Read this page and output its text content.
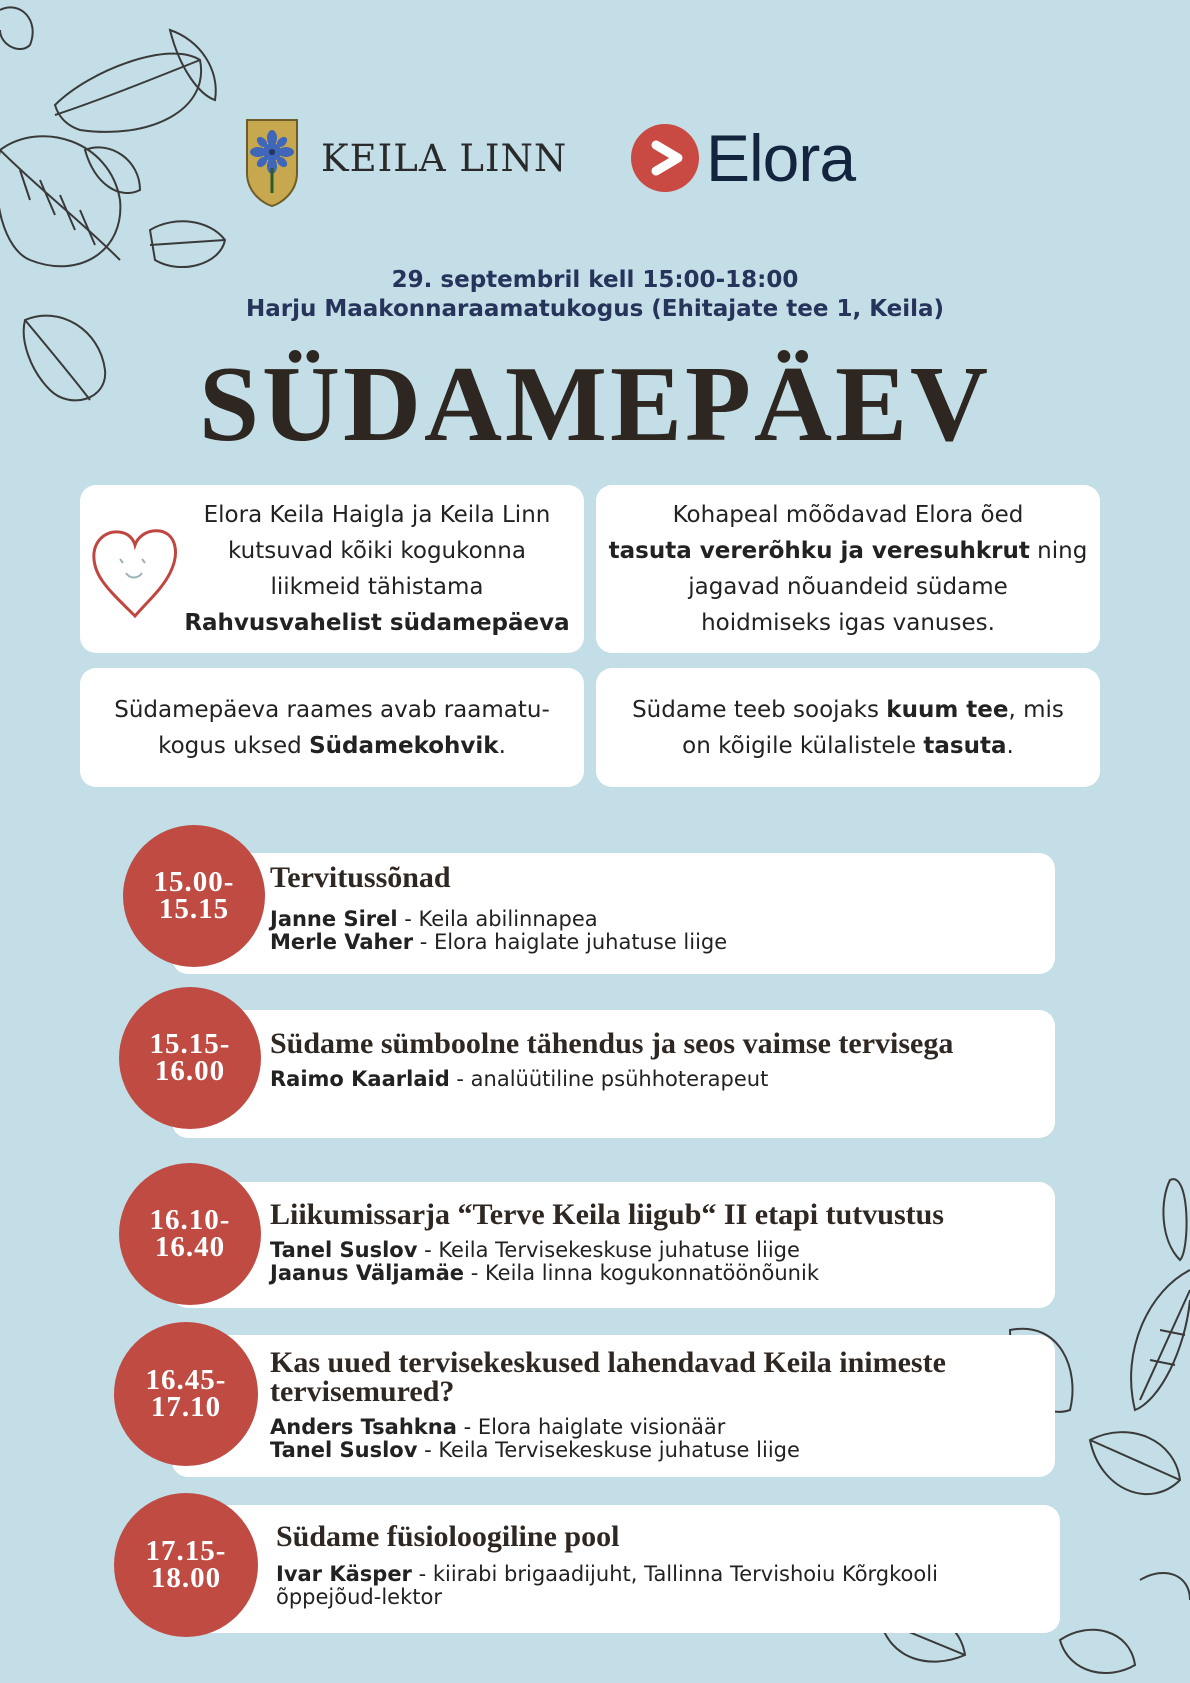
KEILA LINN Elora
29. septembril kell 15:00-18:00
Harju Maakonnaraamatukogus (Ehitajate tee 1, Keila)
SÜDAMEPÄEV
Elora Keila Haigla ja Keila Linn
kutsuvad kõiki kogukonna
liikmeid tähistama
Rahvusvahelist südamepäeva
Kohapeal mõõdavad Elora õed
tasuta vererõhku ja veresuhkrut ning
jagavad nõuandeid südame
hoidmiseks igas vanuses.
Südamepäeva raames avab raamatu-
kogus uksed Südamekohvik.
Südame teeb soojaks kuum tee, mis
on kõigile külalistele tasuta.
Tervitussõnad
Janne Sirel - Keila abilinnapea
Merle Vaher - Elora haiglate juhatuse liige
15.00-
15.15
Südame sümboolne tähendus ja seos vaimse tervisega
Raimo Kaarlaid - analüütiline psühhoterapeut
15.15-
16.00
Liikumissarja “Terve Keila liigub“ II etapi tutvustus
Tanel Suslov - Keila Tervisekeskuse juhatuse liige
Jaanus Väljamäe - Keila linna kogukonnatöönõunik
16.10-
16.40
Kas uued tervisekeskused lahendavad Keila inimeste tervisemured?
Anders Tsahkna - Elora haiglate visionäär
Tanel Suslov - Keila Tervisekeskuse juhatuse liige
16.45-
17.10
Südame füsioloogiline pool
Ivar Käsper - kiirabi brigaadijuht, Tallinna Tervishoiu Kõrgkooli õppejõud-lektor
17.15-
18.00
